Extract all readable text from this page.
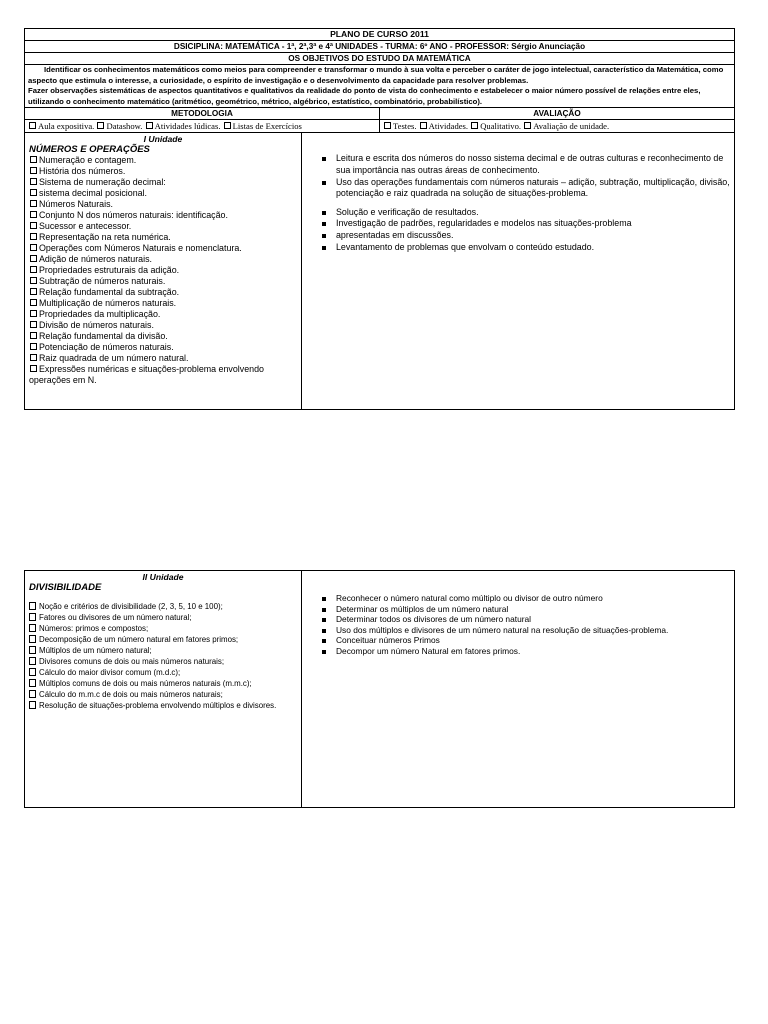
PLANO DE CURSO 2011
DSICIPLINA: MATEMÁTICA - 1ª, 2ª,3ª e 4ª UNIDADES - TURMA: 6º ANO - PROFESSOR: Sérgio Anunciação
OS OBJETIVOS DO ESTUDO DA MATEMÁTICA

Identificar os conhecimentos matemáticos como meios para compreender e transformar o mundo à sua volta e perceber o caráter de jogo intelectual, característico da Matemática, como aspecto que estimula o interesse, a curiosidade, o espírito de investigação e o desenvolvimento da capacidade para resolver problemas.

Fazer observações sistemáticas de aspectos quantitativos e qualitativos da realidade do ponto de vista do conhecimento e estabelecer o maior número possível de relações entre eles, utilizando o conhecimento matemático (aritmético, geométrico, métrico, algébrico, estatístico, combinatório, probabilístico).

METODOLOGIA	AVALIAÇÃO
Aula expositiva. Datashow. Atividades lúdicas. Listas de Exercícios	Testes. Atividades. Qualitativo. Avaliação de unidade.
I Unidade
NÚMEROS E OPERAÇÕES
Numeração e contagem.
História dos números.
Sistema de numeração decimal:
sistema decimal posicional.
Números Naturais.
Conjunto N dos números naturais: identificação.
Sucessor e antecessor.
Representação na reta numérica.
Operações com Números Naturais e nomenclatura.
Adição de números naturais.
Propriedades estruturais da adição.
Subtração de números naturais.
Relação fundamental da subtração.
Multiplicação de números naturais.
Propriedades da multiplicação.
Divisão de números naturais.
Relação fundamental da divisão.
Potenciação de números naturais.
Raiz quadrada de um número natural.
Expressões numéricas e situações-problema envolvendo operações em N.
Leitura e escrita dos números do nosso sistema decimal e de outras culturas e reconhecimento de sua importância nas outras áreas de conhecimento.
Uso das operações fundamentais com números naturais – adição, subtração, multiplicação, divisão, potenciação e raiz quadrada na solução de situações-problema.
Solução e verificação de resultados.
Investigação de padrões, regularidades e modelos nas situações-problema
apresentadas em discussões.
Levantamento de problemas que envolvam o conteúdo estudado.
II Unidade
DIVISIBILIDADE
Noção e critérios de divisibilidade (2, 3, 5, 10 e 100);
Fatores ou divisores de um número natural;
Números: primos e compostos;
Decomposição de um número natural em fatores primos;
Múltiplos de um número natural;
Divisores comuns de dois ou mais números naturais;
Cálculo do maior divisor comum (m.d.c);
Múltiplos comuns de dois ou mais números naturais (m.m.c);
Cálculo do m.m.c de dois ou mais números naturais;
Resolução de situações-problema envolvendo múltiplos e divisores.
Reconhecer o número natural como múltiplo ou divisor de outro número
Determinar os múltiplos de um número natural
Determinar todos os divisores de um número natural
Uso dos múltiplos e divisores de um número natural na resolução de situações-problema.
Conceituar números Primos
Decompor um número Natural em fatores primos.
